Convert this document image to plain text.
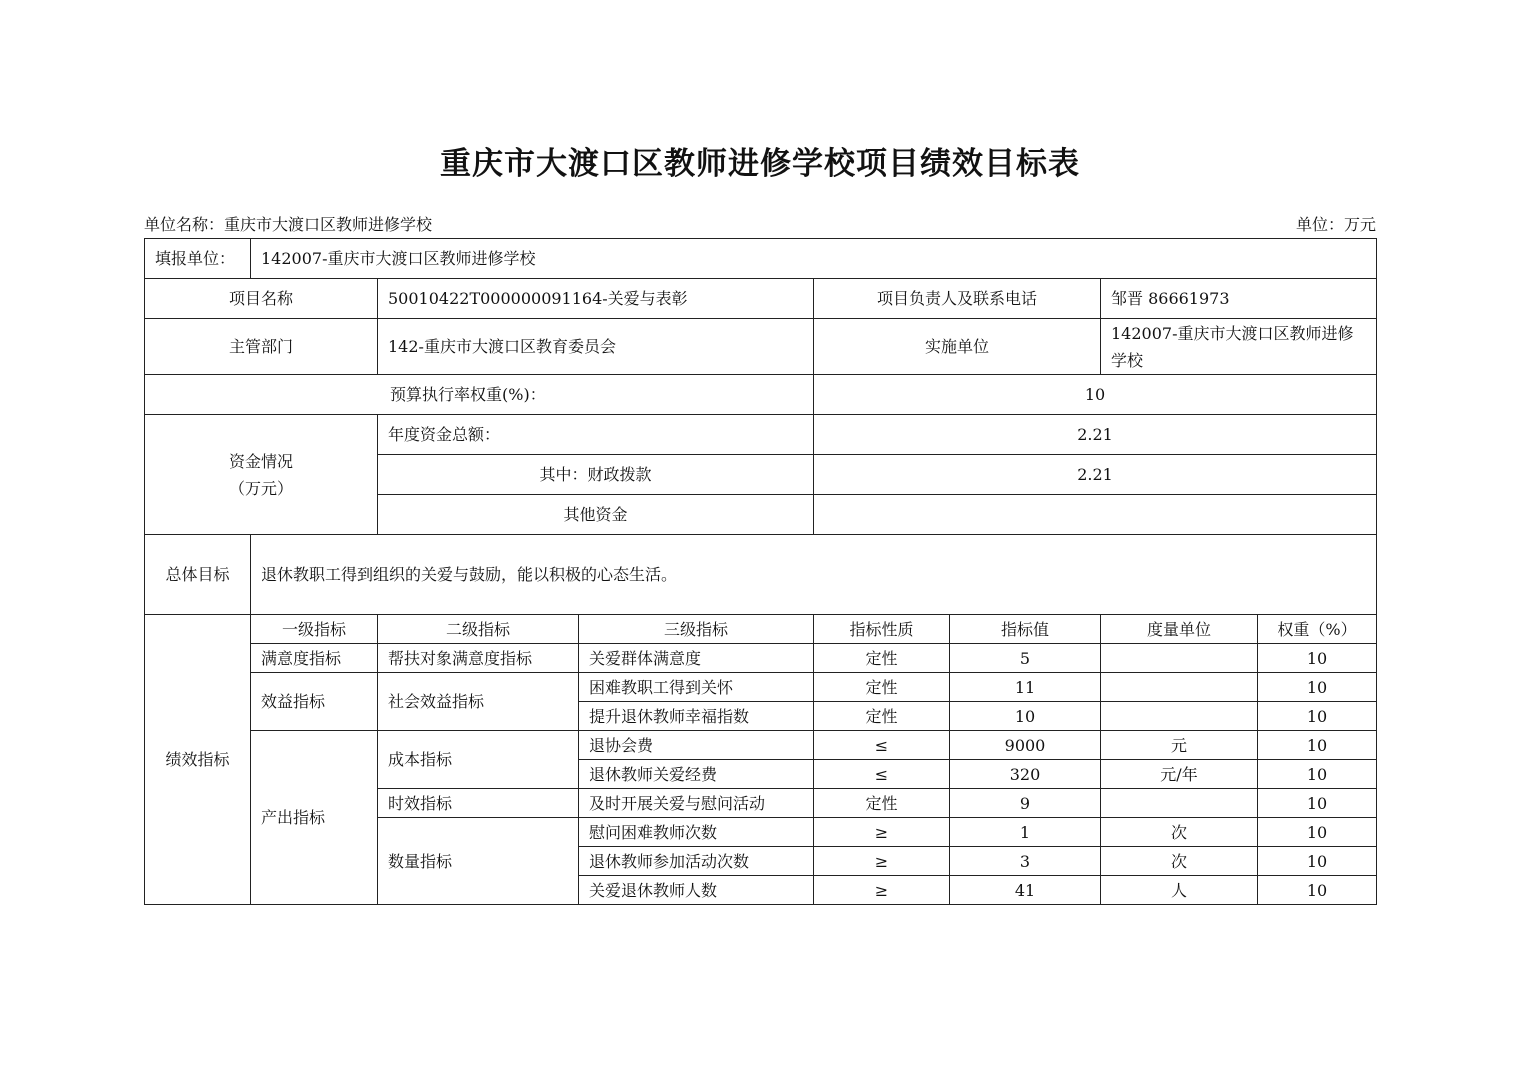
重庆市大渡口区教师进修学校项目绩效目标表
单位名称：重庆市大渡口区教师进修学校	单位：万元
填报单位：	142007-重庆市大渡口区教师进修学校						
项目名称		50010422T000000091164-关爱与表彰		项目负责人及联系电话		邹晋 86661973	
主管部门		142-重庆市大渡口区教育委员会		实施单位		142007-重庆市大渡口区教师进修学校	
预算执行率权重(%)：				10			
资金情况
（万元）		年度资金总额：		2.21			
		其中：财政拨款		2.21			
		其他资金					
总体目标	退休教职工得到组织的关爱与鼓励，能以积极的心态生活。						
绩效指标	一级指标	二级指标	三级指标	指标性质	指标值	度量单位	权重（%）
	满意度指标	帮扶对象满意度指标	关爱群体满意度	定性	5		10
	效益指标	社会效益指标	困难教职工得到关怀	定性	11		10
			提升退休教师幸福指数	定性	10		10
	产出指标	成本指标	退协会费	≤	9000	元	10
			退休教师关爱经费	≤	320	元/年	10
		时效指标	及时开展关爱与慰问活动	定性	9		10
		数量指标	慰问困难教师次数	≥	1	次	10
			退休教师参加活动次数	≥	3	次	10
			关爱退休教师人数	≥	41	人	10
